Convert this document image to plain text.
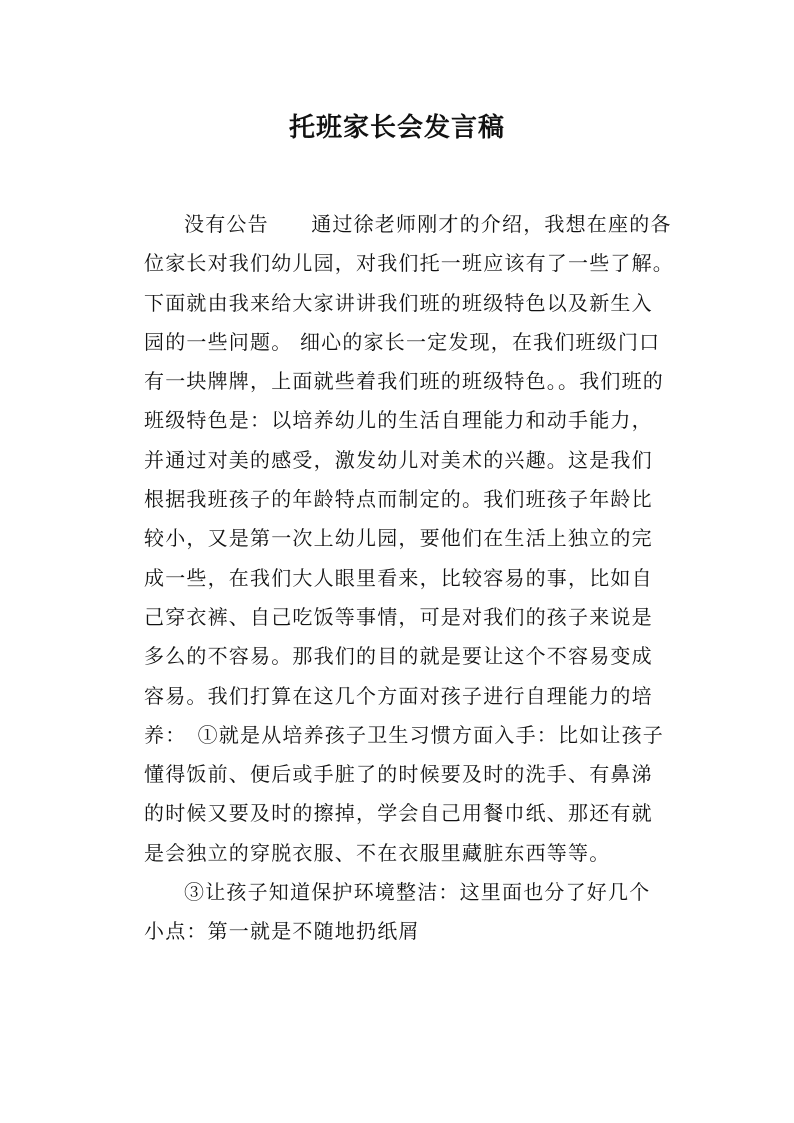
托班家长会发言稿
没有公告　　通过徐老师刚才的介绍，我想在座的各
位家长对我们幼儿园，对我们托一班应该有了一些了解。
下面就由我来给大家讲讲我们班的班级特色以及新生入
园的一些问题。 细心的家长一定发现，在我们班级门口
有一块牌牌，上面就些着我们班的班级特色。。我们班的
班级特色是：以培养幼儿的生活自理能力和动手能力，
并通过对美的感受，激发幼儿对美术的兴趣。这是我们
根据我班孩子的年龄特点而制定的。我们班孩子年龄比
较小，又是第一次上幼儿园，要他们在生活上独立的完
成一些，在我们大人眼里看来，比较容易的事，比如自
己穿衣裤、自己吃饭等事情，可是对我们的孩子来说是
多么的不容易。那我们的目的就是要让这个不容易变成
容易。我们打算在这几个方面对孩子进行自理能力的培
养：　①就是从培养孩子卫生习惯方面入手：比如让孩子
懂得饭前、便后或手脏了的时候要及时的洗手、有鼻涕
的时候又要及时的擦掉，学会自己用餐巾纸、那还有就
是会独立的穿脱衣服、不在衣服里藏脏东西等等。
③让孩子知道保护环境整洁：这里面也分了好几个
小点：第一就是不随地扔纸屑
